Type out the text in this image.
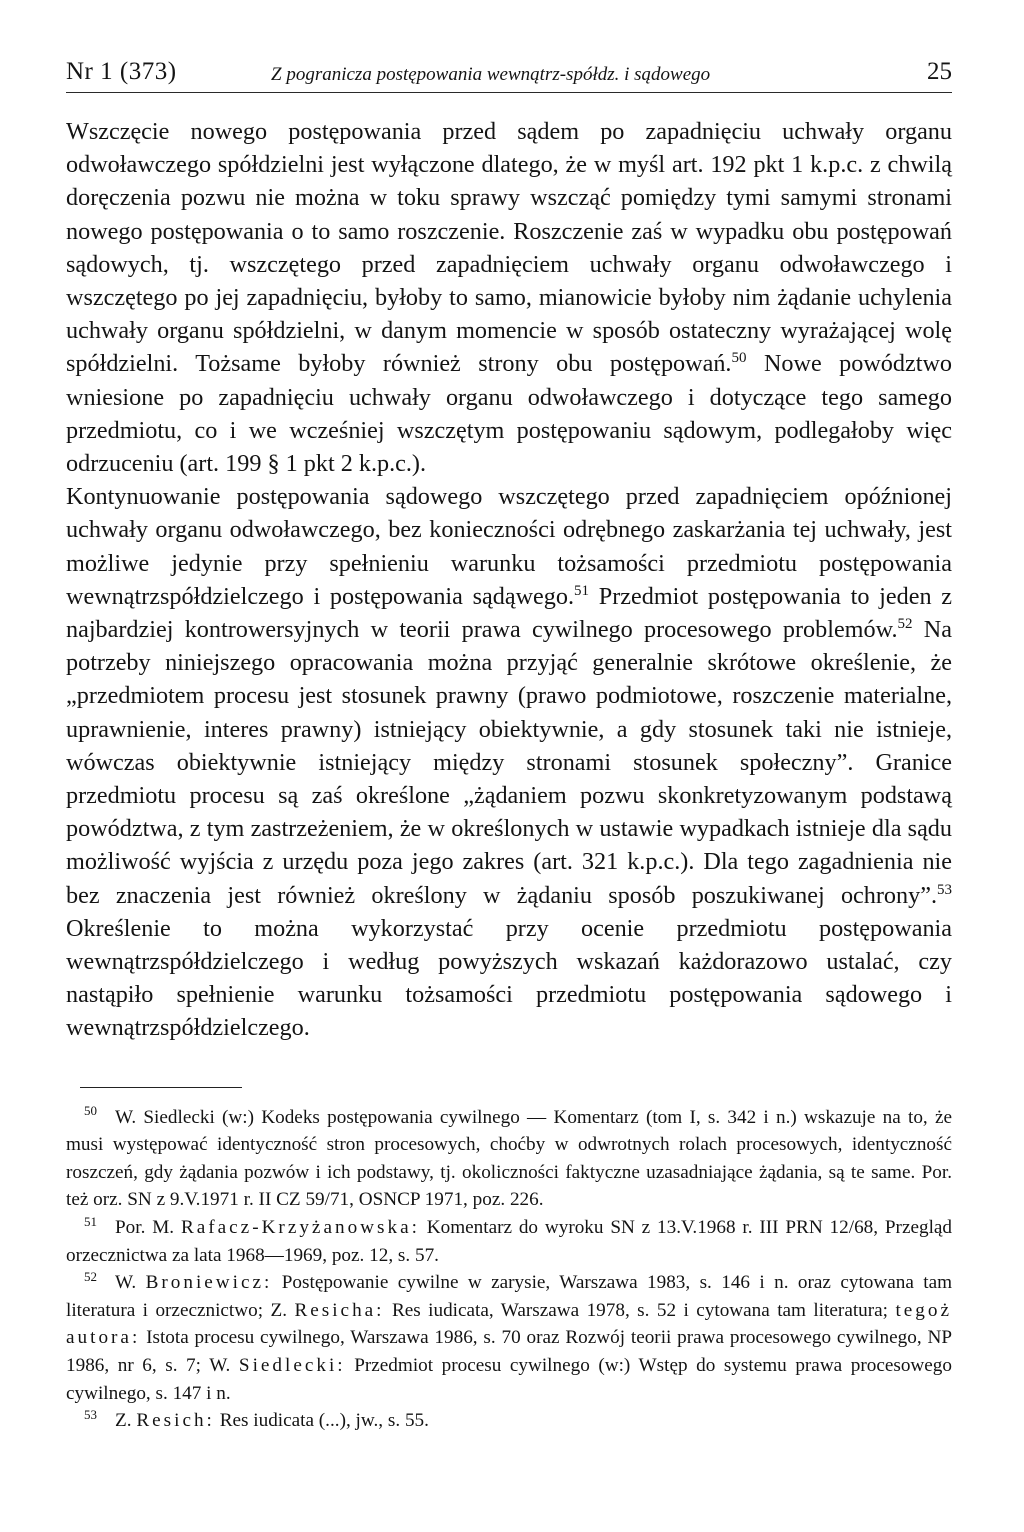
Nr 1 (373)	Z pogranicza postępowania wewnątrz-spółdz. i sądowego	25

Wszczęcie nowego postępowania przed sądem po zapadnięciu uchwały organu odwoławczego spółdzielni jest wyłączone dlatego, że w myśl art. 192 pkt 1 k.p.c. z chwilą doręczenia pozwu nie można w toku sprawy wszcząć pomiędzy tymi samymi stronami nowego postępowania o to samo roszczenie. Roszczenie zaś w wypadku obu postępowań sądowych, tj. wszczętego przed zapadnięciem uchwały organu odwoławczego i wszczętego po jej zapadnięciu, byłoby to samo, mianowicie byłoby nim żądanie uchylenia uchwały organu spółdzielni, w danym momencie w sposób ostateczny wyrażającej wolę spółdzielni. Tożsame byłoby również strony obu postępowań.$^{50}$ Nowe powództwo wniesione po zapadnięciu uchwały organu odwoławczego i dotyczące tego samego przedmiotu, co i we wcześniej wszczętym postępowaniu sądowym, podlegałoby więc odrzuceniu (art. 199 § 1 pkt 2 k.p.c.).

Kontynuowanie postępowania sądowego wszczętego przed zapadnięciem opóźnionej uchwały organu odwoławczego, bez konieczności odrębnego zaskarżania tej uchwały, jest możliwe jedynie przy spełnieniu warunku tożsamości przedmiotu postępowania wewnątrzspółdzielczego i postępowania sądąwego.$^{51}$ Przedmiot postępowania to jeden z najbardziej kontrowersyjnych w teorii prawa cywilnego procesowego problemów.$^{52}$ Na potrzeby niniejszego opracowania można przyjąć generalnie skrótowe określenie, że „przedmiotem procesu jest stosunek prawny (prawo podmiotowe, roszczenie materialne, uprawnienie, interes prawny) istniejący obiektywnie, a gdy stosunek taki nie istnieje, wówczas obiektywnie istniejący między stronami stosunek społeczny”. Granice przedmiotu procesu są zaś określone „żądaniem pozwu skonkretyzowanym podstawą powództwa, z tym zastrzeżeniem, że w określonych w ustawie wypadkach istnieje dla sądu możliwość wyjścia z urzędu poza jego zakres (art. 321 k.p.c.). Dla tego zagadnienia nie bez znaczenia jest również określony w żądaniu sposób poszukiwanej ochrony”.$^{53}$ Określenie to można wykorzystać przy ocenie przedmiotu postępowania wewnątrzspółdzielczego i według powyższych wskazań każdorazowo ustalać, czy nastąpiło spełnienie warunku tożsamości przedmiotu postępowania sądowego i wewnątrzspółdzielczego.

$^{50}$ W. Siedlecki (w:) Kodeks postępowania cywilnego — Komentarz (tom I, s. 342 i n.) wskazuje na to, że musi występować identyczność stron procesowych, choćby w odwrotnych rolach procesowych, identyczność roszczeń, gdy żądania pozwów i ich podstawy, tj. okoliczności faktyczne uzasadniające żądania, są te same. Por. też orz. SN z 9.V.1971 r. II CZ 59/71, OSNCP 1971, poz. 226.

$^{51}$ Por. M. Rafacz-Krzyżanowska: Komentarz do wyroku SN z 13.V.1968 r. III PRN 12/68, Przegląd orzecznictwa za lata 1968—1969, poz. 12, s. 57.

$^{52}$ W. Broniewicz: Postępowanie cywilne w zarysie, Warszawa 1983, s. 146 i n. oraz cytowana tam literatura i orzecznictwo; Z. Resicha: Res iudicata, Warszawa 1978, s. 52 i cytowana tam literatura; tegoż autora: Istota procesu cywilnego, Warszawa 1986, s. 70 oraz Rozwój teorii prawa procesowego cywilnego, NP 1986, nr 6, s. 7; W. Siedlecki: Przedmiot procesu cywilnego (w:) Wstęp do systemu prawa procesowego cywilnego, s. 147 i n.

$^{53}$ Z. Resich: Res iudicata (...), jw., s. 55.
